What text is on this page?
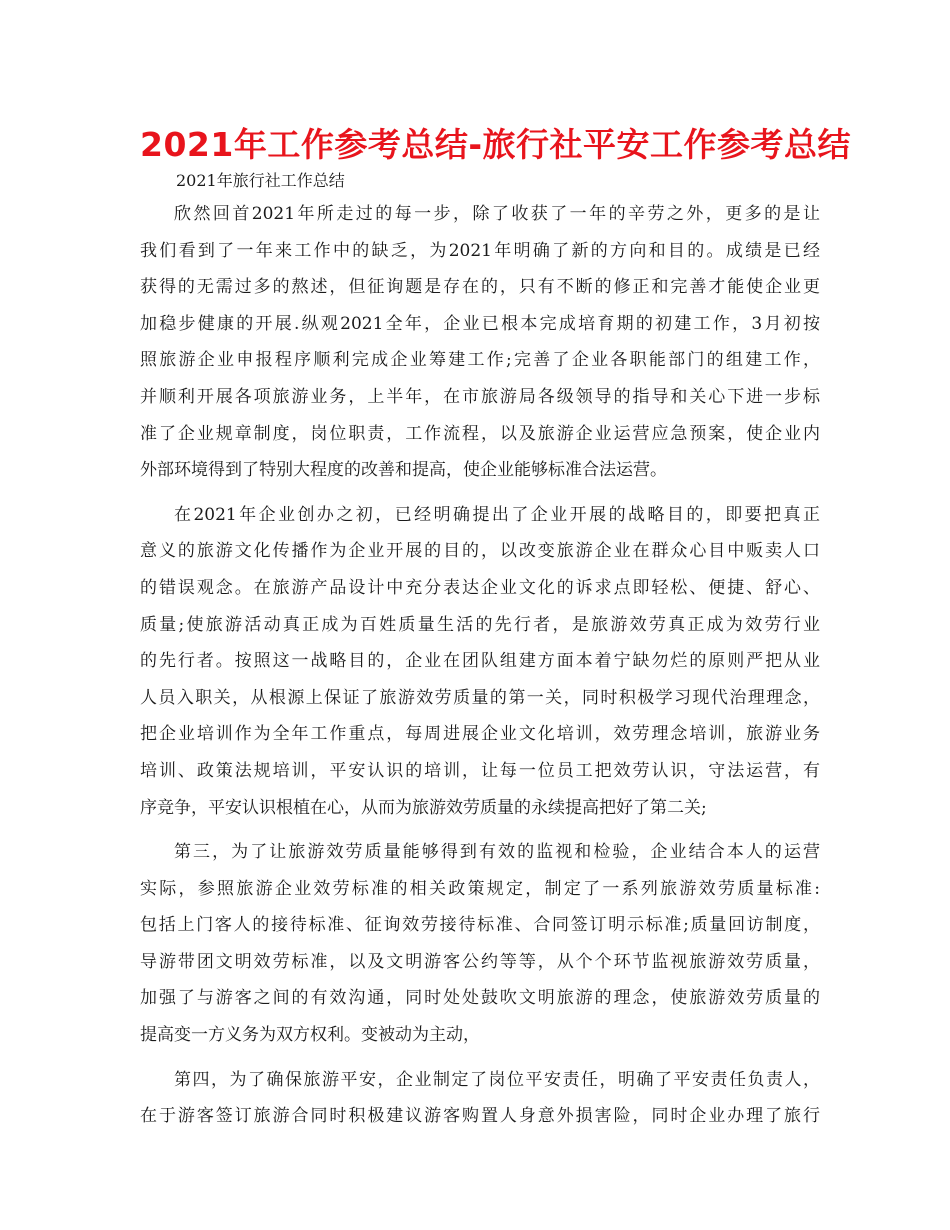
2021年工作参考总结-旅行社平安工作参考总结

2021年旅行社工作总结

欣然回首2021年所走过的每一步，除了收获了一年的辛劳之外，更多的是让
我们看到了一年来工作中的缺乏，为2021年明确了新的方向和目的。成绩是已经
获得的无需过多的熬述，但征询题是存在的，只有不断的修正和完善才能使企业更
加稳步健康的开展.纵观2021全年，企业已根本完成培育期的初建工作，3月初按
照旅游企业申报程序顺利完成企业筹建工作;完善了企业各职能部门的组建工作，
并顺利开展各项旅游业务，上半年，在市旅游局各级领导的指导和关心下进一步标
准了企业规章制度，岗位职责，工作流程，以及旅游企业运营应急预案，使企业内
外部环境得到了特别大程度的改善和提高，使企业能够标准合法运营。

在2021年企业创办之初，已经明确提出了企业开展的战略目的，即要把真正
意义的旅游文化传播作为企业开展的目的，以改变旅游企业在群众心目中贩卖人口
的错误观念。在旅游产品设计中充分表达企业文化的诉求点即轻松、便捷、舒心、
质量;使旅游活动真正成为百姓质量生活的先行者，是旅游效劳真正成为效劳行业
的先行者。按照这一战略目的，企业在团队组建方面本着宁缺勿烂的原则严把从业
人员入职关，从根源上保证了旅游效劳质量的第一关，同时积极学习现代治理理念，
把企业培训作为全年工作重点，每周进展企业文化培训，效劳理念培训，旅游业务
培训、政策法规培训，平安认识的培训，让每一位员工把效劳认识，守法运营，有
序竞争，平安认识根植在心，从而为旅游效劳质量的永续提高把好了第二关;

第三，为了让旅游效劳质量能够得到有效的监视和检验，企业结合本人的运营
实际，参照旅游企业效劳标准的相关政策规定，制定了一系列旅游效劳质量标准:
包括上门客人的接待标准、征询效劳接待标准、合同签订明示标准;质量回访制度，
导游带团文明效劳标准，以及文明游客公约等等，从个个环节监视旅游效劳质量，
加强了与游客之间的有效沟通，同时处处鼓吹文明旅游的理念，使旅游效劳质量的
提高变一方义务为双方权利。变被动为主动，

第四，为了确保旅游平安，企业制定了岗位平安责任，明确了平安责任负责人，
在于游客签订旅游合同时积极建议游客购置人身意外损害险，同时企业办理了旅行
